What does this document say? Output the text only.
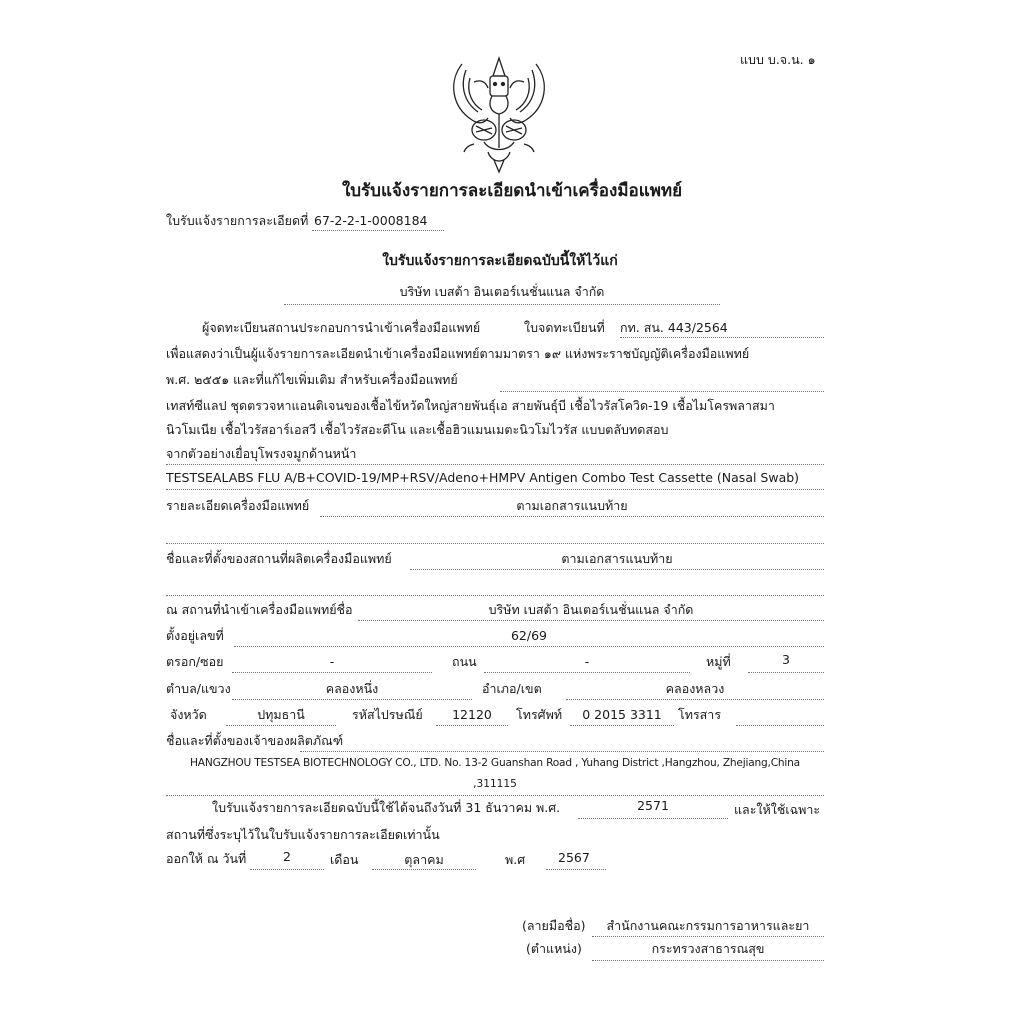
แบบ บ.จ.น. ๑
ใบรับแจ้งรายการละเอียดนำเข้าเครื่องมือแพทย์
ใบรับแจ้งรายการละเอียดที่ 67-2-2-1-0008184
ใบรับแจ้งรายการละเอียดฉบับนี้ให้ไว้แก่
บริษัท เบสต้า อินเตอร์เนชั่นแนล จำกัด
ผู้จดทะเบียนสถานประกอบการนำเข้าเครื่องมือแพทย์	ใบจดทะเบียนที่ กท. สน. 443/2564
เพื่อแสดงว่าเป็นผู้แจ้งรายการละเอียดนำเข้าเครื่องมือแพทย์ตามมาตรา ๑๙ แห่งพระราชบัญญัติเครื่องมือแพทย์
พ.ศ. ๒๕๕๑ และที่แก้ไขเพิ่มเติม สำหรับเครื่องมือแพทย์
เทสท์ซีแลป ชุดตรวจหาแอนติเจนของเชื้อไข้หวัดใหญ่สายพันธุ์เอ สายพันธุ์บี เชื้อไวรัสโควิด-19 เชื้อไมโครพลาสมา
นิวโมเนีย เชื้อไวรัสอาร์เอสวี เชื้อไวรัสอะดีโน และเชื้อฮิวแมนเมตะนิวโมไวรัส แบบตลับทดสอบ
จากตัวอย่างเยื่อบุโพรงจมูกด้านหน้า
TESTSEALABS FLU A/B+COVID-19/MP+RSV/Adeno+HMPV Antigen Combo Test Cassette (Nasal Swab)
รายละเอียดเครื่องมือแพทย์	ตามเอกสารแนบท้าย
ชื่อและที่ตั้งของสถานที่ผลิตเครื่องมือแพทย์	ตามเอกสารแนบท้าย
ณ สถานที่นำเข้าเครื่องมือแพทย์ชื่อ	บริษัท เบสต้า อินเตอร์เนชั่นแนล จำกัด
ตั้งอยู่เลขที่	62/69
ตรอก/ซอย	-	ถนน	-	หมู่ที่	3
ตำบล/แขวง	คลองหนึ่ง	อำเภอ/เขต	คลองหลวง
จังหวัด	ปทุมธานี	รหัสไปรษณีย์	12120	โทรศัพท์	0 2015 3311	โทรสาร
ชื่อและที่ตั้งของเจ้าของผลิตภัณฑ์
HANGZHOU TESTSEA BIOTECHNOLOGY CO., LTD. No. 13-2 Guanshan Road , Yuhang District ,Hangzhou, Zhejiang,China
,311115
ใบรับแจ้งรายการละเอียดฉบับนี้ใช้ได้จนถึงวันที่ 31 ธันวาคม พ.ศ.	2571	และให้ใช้เฉพาะ
สถานที่ซึ่งระบุไว้ในใบรับแจ้งรายการละเอียดเท่านั้น
ออกให้ ณ วันที่	2	เดือน	ตุลาคม	พ.ศ	2567
(ลายมือชื่อ)	สำนักงานคณะกรรมการอาหารและยา
(ตำแหน่ง)	กระทรวงสาธารณสุข
